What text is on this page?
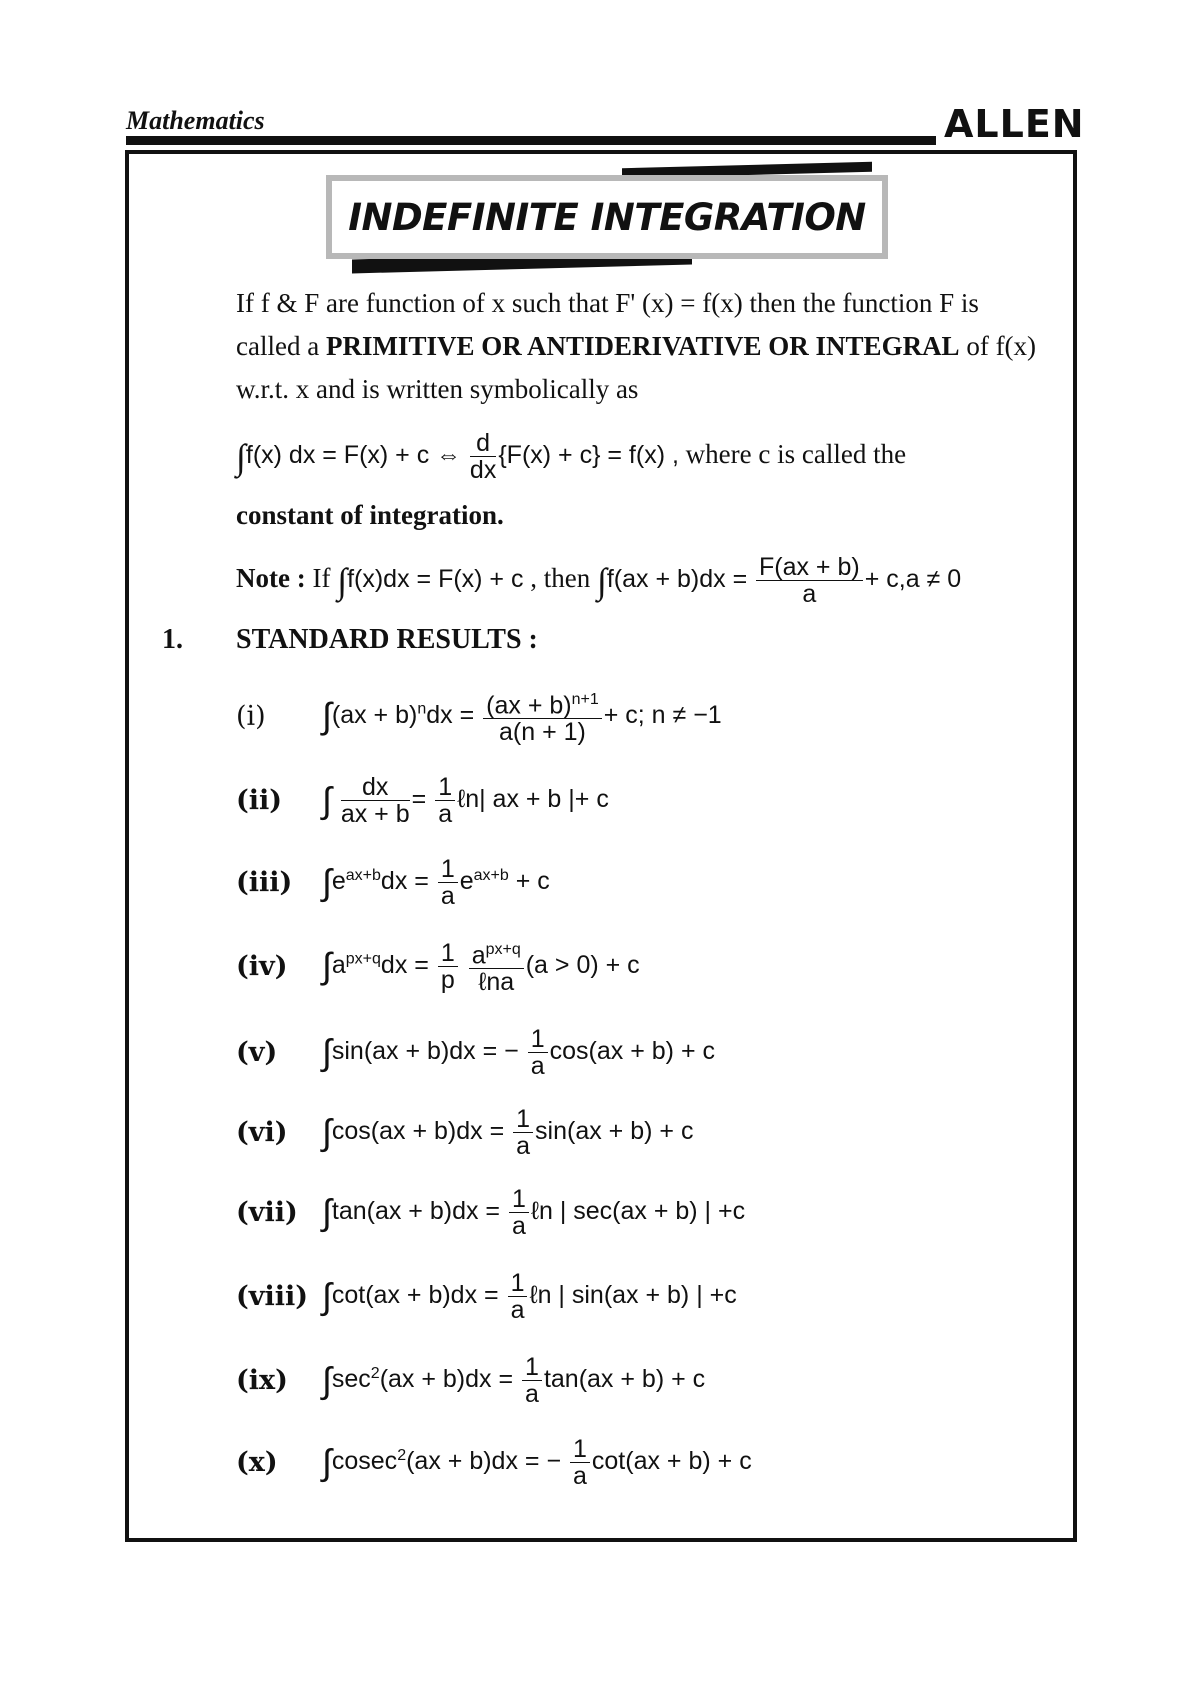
Mathematics	ALLEN
INDEFINITE INTEGRATION
If f & F are function of x such that F' (x) = f(x) then the function F is called a PRIMITIVE OR ANTIDERIVATIVE OR INTEGRAL of f(x) w.r.t. x and is written symbolically as
∫f(x) dx = F(x) + c ⇔ $\frac{d}{dx} \{F(x) + c\} = f(x)$ , where c is called the
constant of integration.
Note : If ∫f(x)dx = F(x) + c , then $\int f(ax + b)dx = \frac{F(ax + b)}{a} + c,a \ne 0$
1. STANDARD RESULTS :
(i)	$\int(ax + b)^ndx = \frac{(ax + b)^{n+1}}{a(n + 1)} + c$; n ≠ −1
(ii)	∫ $\frac{dx}{ax + b} = \frac{1}{a}$ ℓn| ax + b |+ c
(iii) $\int e^{ax+b}dx = \frac{1}{a} e^{ax+b} + c$
(iv) $\int a^{px+q}dx = \frac{1}{p}$
$\frac{a^{px+q}}{\text{ℓna}} (a > 0) + c$
(v)	∫sin(ax + b)dx = − $\frac{1}{a} \cos(ax + b) + c$
(vi) $\int\cos(ax + b)dx = \frac{1}{a} \sin(ax + b) + c$
(vii) $\int\tan(ax + b)dx = \frac{1}{a}$ ℓn | sec(ax + b) | +c
(viii) $\int\cot(ax + b)dx = \frac{1}{a}$ ℓn | sin(ax + b) | +c
(ix) $\int\sec^2(ax + b)dx = \frac{1}{a} \tan(ax + b) + c$
(x)	∫cosec$^2$(ax + b)dx = − $\frac{1}{a} \cot(ax + b) + c$
